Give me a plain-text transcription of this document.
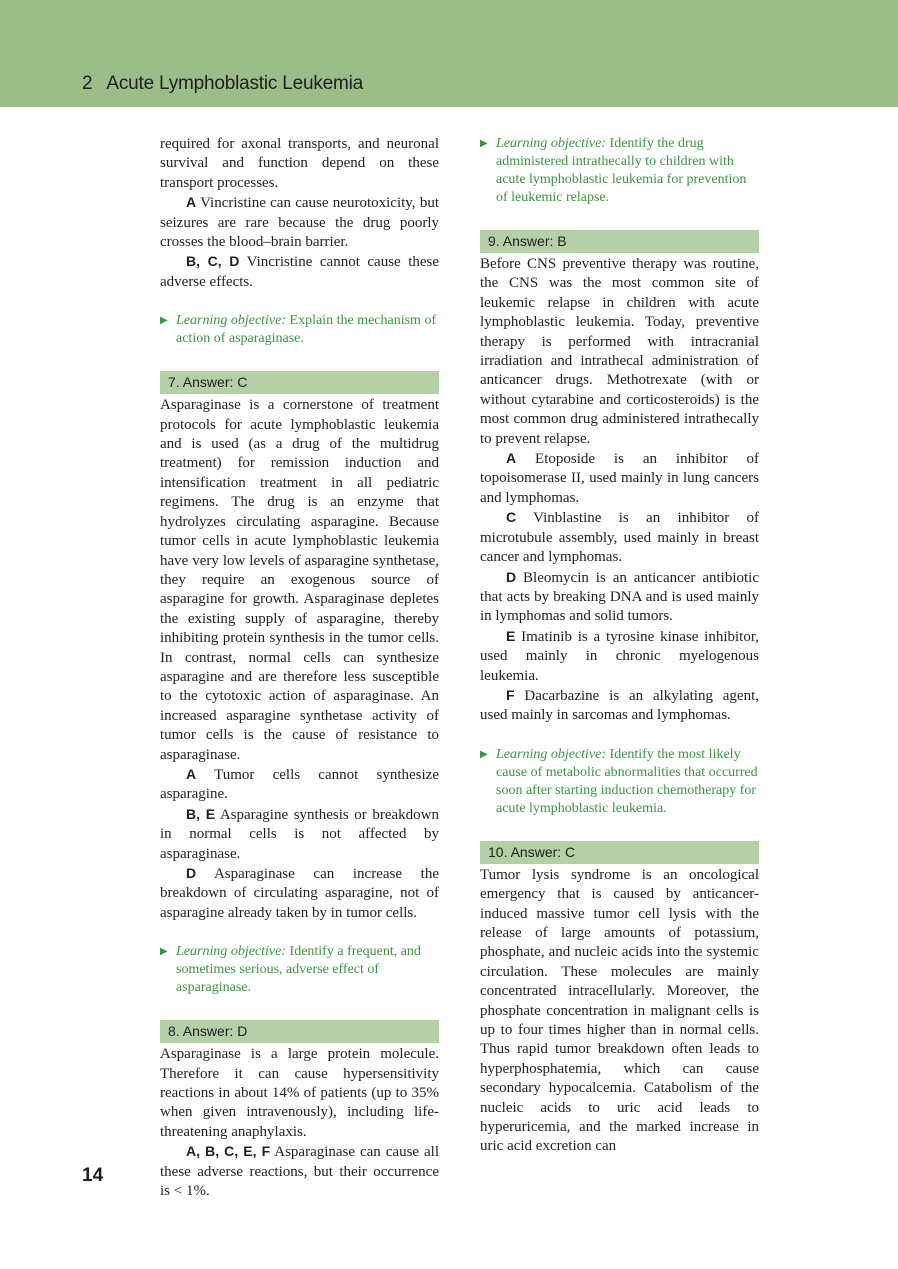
2 Acute Lymphoblastic Leukemia

required for axonal transports, and neuronal survival and function depend on these transport processes.

A Vincristine can cause neurotoxicity, but seizures are rare because the drug poorly crosses the blood–brain barrier.

B, C, D Vincristine cannot cause these adverse effects.

▶ Learning objective: Explain the mechanism of action of asparaginase.

7. Answer: C

Asparaginase is a cornerstone of treatment protocols for acute lymphoblastic leukemia and is used (as a drug of the multidrug treatment) for remission induction and intensification treatment in all pediatric regimens. The drug is an enzyme that hydrolyzes circulating asparagine. Because tumor cells in acute lymphoblastic leukemia have very low levels of asparagine synthetase, they require an exogenous source of asparagine for growth. Asparaginase depletes the existing supply of asparagine, thereby inhibiting protein synthesis in the tumor cells. In contrast, normal cells can synthesize asparagine and are therefore less susceptible to the cytotoxic action of asparaginase. An increased asparagine synthetase activity of tumor cells is the cause of resistance to asparaginase.

A Tumor cells cannot synthesize asparagine.

B, E Asparagine synthesis or breakdown in normal cells is not affected by asparaginase.

D Asparaginase can increase the breakdown of circulating asparagine, not of asparagine already taken by in tumor cells.

▶ Learning objective: Identify a frequent, and sometimes serious, adverse effect of asparaginase.

8. Answer: D

Asparaginase is a large protein molecule. Therefore it can cause hypersensitivity reactions in about 14% of patients (up to 35% when given intravenously), including life-threatening anaphylaxis.

A, B, C, E, F Asparaginase can cause all these adverse reactions, but their occurrence is < 1%.

▶ Learning objective: Identify the drug administered intrathecally to children with acute lymphoblastic leukemia for prevention of leukemic relapse.

9. Answer: B

Before CNS preventive therapy was routine, the CNS was the most common site of leukemic relapse in children with acute lymphoblastic leukemia. Today, preventive therapy is performed with intracranial irradiation and intrathecal administration of anticancer drugs. Methotrexate (with or without cytarabine and corticosteroids) is the most common drug administered intrathecally to prevent relapse.

A Etoposide is an inhibitor of topoisomerase II, used mainly in lung cancers and lymphomas.

C Vinblastine is an inhibitor of microtubule assembly, used mainly in breast cancer and lymphomas.

D Bleomycin is an anticancer antibiotic that acts by breaking DNA and is used mainly in lymphomas and solid tumors.

E Imatinib is a tyrosine kinase inhibitor, used mainly in chronic myelogenous leukemia.

F Dacarbazine is an alkylating agent, used mainly in sarcomas and lymphomas.

▶ Learning objective: Identify the most likely cause of metabolic abnormalities that occurred soon after starting induction chemotherapy for acute lymphoblastic leukemia.

10. Answer: C

Tumor lysis syndrome is an oncological emergency that is caused by anticancer-induced massive tumor cell lysis with the release of large amounts of potassium, phosphate, and nucleic acids into the systemic circulation. These molecules are mainly concentrated intracellularly. Moreover, the phosphate concentration in malignant cells is up to four times higher than in normal cells. Thus rapid tumor breakdown often leads to hyperphosphatemia, which can cause secondary hypocalcemia. Catabolism of the nucleic acids to uric acid leads to hyperuricemia, and the marked increase in uric acid excretion can

14
